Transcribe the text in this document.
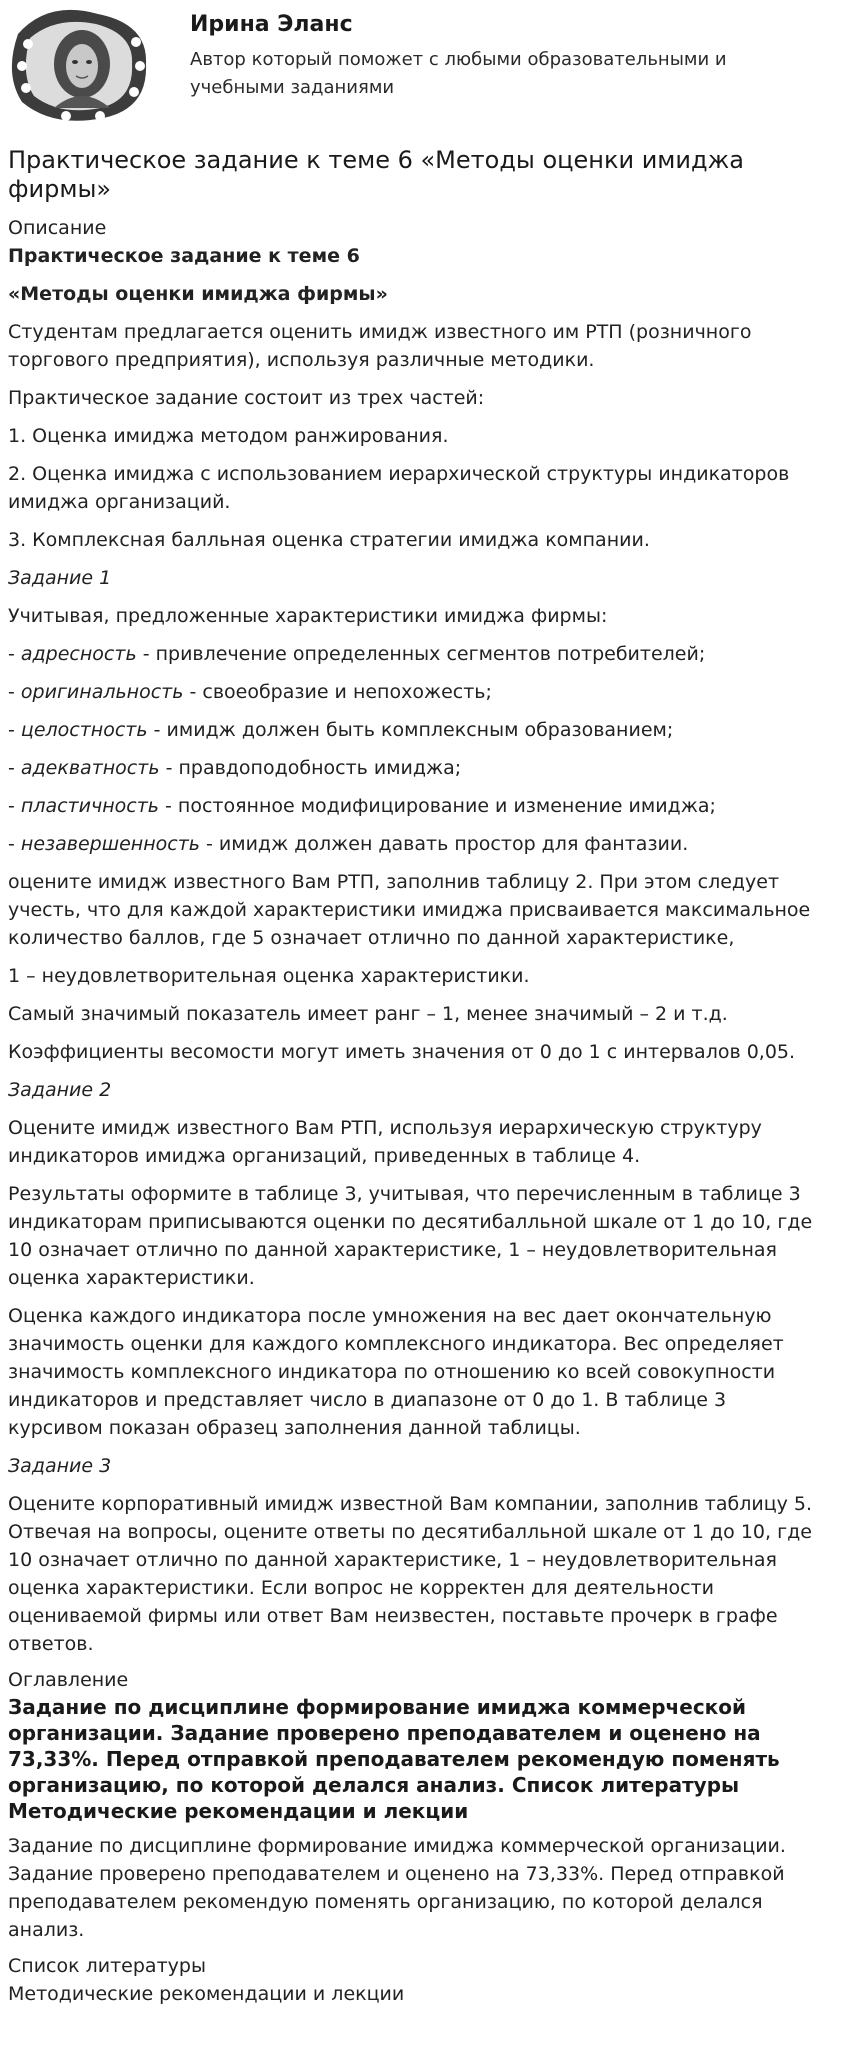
Ирина Эланс
Автор который поможет с любыми образовательными и учебными заданиями
Практическое задание к теме 6 «Методы оценки имиджа фирмы»
Описание

Практическое задание к теме 6

«Методы оценки имиджа фирмы»

Студентам предлагается оценить имидж известного им РТП (розничного торгового предприятия), используя различные методики.

Практическое задание состоит из трех частей:

1. Оценка имиджа методом ранжирования.

2. Оценка имиджа с использованием иерархической структуры индикаторов имиджа организаций.

3. Комплексная балльная оценка стратегии имиджа компании.

Задание 1

Учитывая, предложенные характеристики имиджа фирмы:

- адресность - привлечение определенных сегментов потребителей;

- оригинальность - своеобразие и непохожесть;

- целостность - имидж должен быть комплексным образованием;

- адекватность - правдоподобность имиджа;

- пластичность - постоянное модифицирование и изменение имиджа;

- незавершенность - имидж должен давать простор для фантазии.

оцените имидж известного Вам РТП, заполнив таблицу 2. При этом следует учесть, что для каждой характеристики имиджа присваивается максимальное количество баллов, где 5 означает отлично по данной характеристике,

1 – неудовлетворительная оценка характеристики.

Самый значимый показатель имеет ранг – 1, менее значимый – 2 и т.д.

Коэффициенты весомости могут иметь значения от 0 до 1 с интервалов 0,05.

Задание 2

Оцените имидж известного Вам РТП, используя иерархическую структуру индикаторов имиджа организаций, приведенных в таблице 4.

Результаты оформите в таблице 3, учитывая, что перечисленным в таблице 3 индикаторам приписываются оценки по десятибалльной шкале от 1 до 10, где 10 означает отлично по данной характеристике, 1 – неудовлетворительная оценка характеристики.

Оценка каждого индикатора после умножения на вес дает окончательную значимость оценки для каждого комплексного индикатора. Вес определяет значимость комплексного индикатора по отношению ко всей совокупности индикаторов и представляет число в диапазоне от 0 до 1. В таблице 3 курсивом показан образец заполнения данной таблицы.

Задание 3

Оцените корпоративный имидж известной Вам компании, заполнив таблицу 5. Отвечая на вопросы, оцените ответы по десятибалльной шкале от 1 до 10, где 10 означает отлично по данной характеристике, 1 – неудовлетворительная оценка характеристики. Если вопрос не корректен для деятельности оцениваемой фирмы или ответ Вам неизвестен, поставьте прочерк в графе ответов.

Оглавление
Задание по дисциплине формирование имиджа коммерческой организации. Задание проверено преподавателем и оценено на 73,33%. Перед отправкой преподавателем рекомендую поменять организацию, по которой делался анализ. Список литературы Методические рекомендации и лекции

Задание по дисциплине формирование имиджа коммерческой организации. Задание проверено преподавателем и оценено на 73,33%. Перед отправкой преподавателем рекомендую поменять организацию, по которой делался анализ.

Список литературы

Методические рекомендации и лекции
